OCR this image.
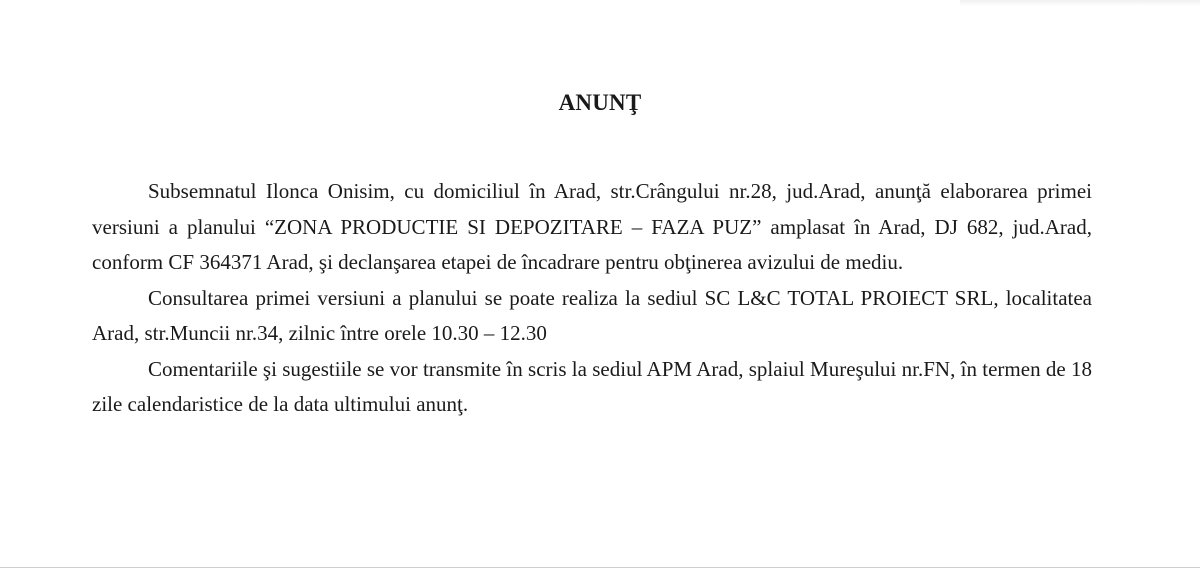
ANUNŢ

Subsemnatul Ilonca Onisim, cu domiciliul în Arad, str.Crângului nr.28, jud.Arad, anunţă elaborarea primei versiuni a planului “ZONA PRODUCTIE SI DEPOZITARE – FAZA PUZ” amplasat în Arad, DJ 682, jud.Arad, conform CF 364371 Arad, şi declanşarea etapei de încadrare pentru obţinerea avizului de mediu.

Consultarea primei versiuni a planului se poate realiza la sediul SC L&C TOTAL PROIECT SRL, localitatea Arad, str.Muncii nr.34, zilnic între orele 10.30 – 12.30

Comentariile şi sugestiile se vor transmite în scris la sediul APM Arad, splaiul Mureşului nr.FN, în termen de 18 zile calendaristice de la data ultimului anunţ.
